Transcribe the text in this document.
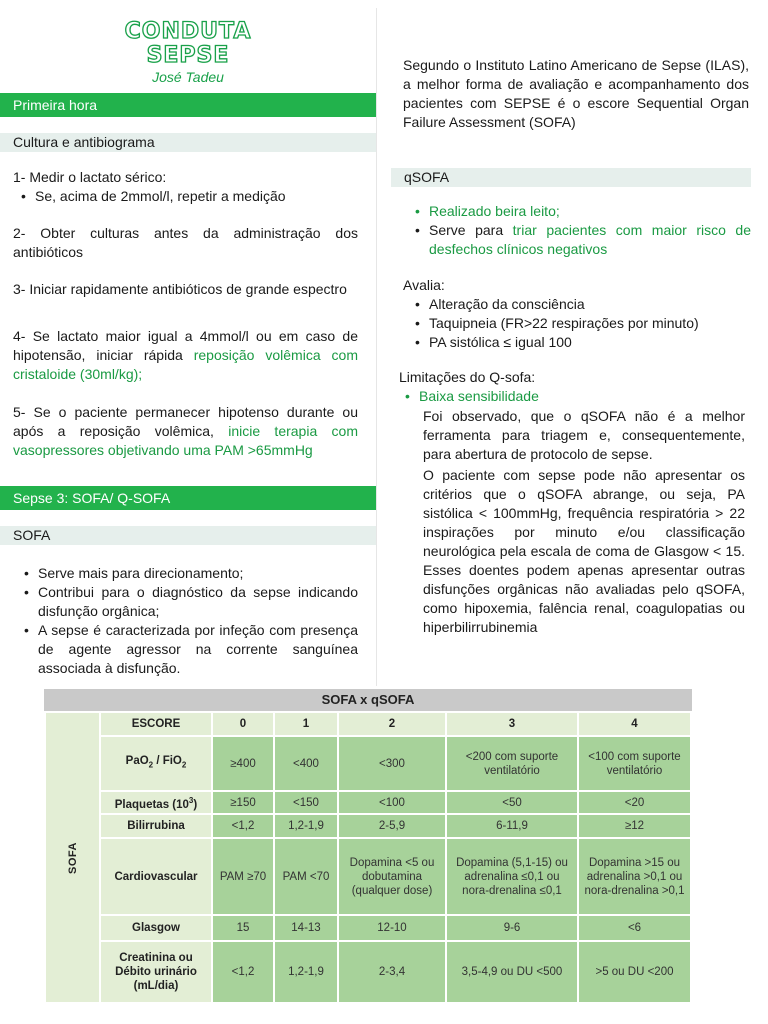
CONDUTA
SEPSE
José Tadeu
Primeira hora
Cultura e antibiograma
1- Medir o lactato sérico:
• Se, acima de 2mmol/l, repetir a medição
2- Obter culturas antes da administração dos antibióticos
3- Iniciar rapidamente antibióticos de grande espectro
4- Se lactato maior igual a 4mmol/l ou em caso de hipotensão, iniciar rápida reposição volêmica com cristaloide (30ml/kg);
5- Se o paciente permanecer hipotenso durante ou após a reposição volêmica, inicie terapia com vasopressores objetivando uma PAM >65mmHg
Sepse 3: SOFA/ Q-SOFA
SOFA
• Serve mais para direcionamento;
• Contribui para o diagnóstico da sepse indicando disfunção orgânica;
• A sepse é caracterizada por infeção com presença de agente agressor na corrente sanguínea associada à disfunção.
Segundo o Instituto Latino Americano de Sepse (ILAS), a melhor forma de avaliação e acompanhamento dos pacientes com SEPSE é o escore Sequential Organ Failure Assessment (SOFA)
qSOFA
• Realizado beira leito;
• Serve para triar pacientes com maior risco de desfechos clínicos negativos
Avalia:
• Alteração da consciência
• Taquipneia (FR>22 respirações por minuto)
• PA sistólica ≤ igual 100
Limitações do Q-sofa:
• Baixa sensibilidade
Foi observado, que o qSOFA não é a melhor ferramenta para triagem e, consequentemente, para abertura de protocolo de sepse.
O paciente com sepse pode não apresentar os critérios que o qSOFA abrange, ou seja, PA sistólica < 100mmHg, frequência respiratória > 22 inspirações por minuto e/ou classificação neurológica pela escala de coma de Glasgow < 15. Esses doentes podem apenas apresentar outras disfunções orgânicas não avaliadas pelo qSOFA, como hipoxemia, falência renal, coagulopatias ou hiperbilirrubinemia
SOFA x qSOFA
SOFA	ESCORE	0	1	2	3	4
	PaO$_2$ / FiO$_2$	≥400	<400	<300	<200 com suporte ventilatório	<100 com suporte ventilatório
	Plaquetas $(10^3)$	≥150	<150	<100	<50	<20
	Bilirrubina	<1,2	1,2-1,9	2-5,9	6-11,9	≥12
	Cardiovascular	PAM ≥70	PAM <70	Dopamina <5 ou dobutamina (qualquer dose)	Dopamina (5,1-15) ou adrenalina ≤0,1 ou nora-drenalina ≤0,1	Dopamina >15 ou adrenalina >0,1 ou nora-drenalina >0,1
	Glasgow	15	14-13	12-10	9-6	<6
	Creatinina ou Débito urinário (mL/dia)	<1,2	1,2-1,9	2-3,4	3,5-4,9 ou DU <500	>5 ou DU <200
